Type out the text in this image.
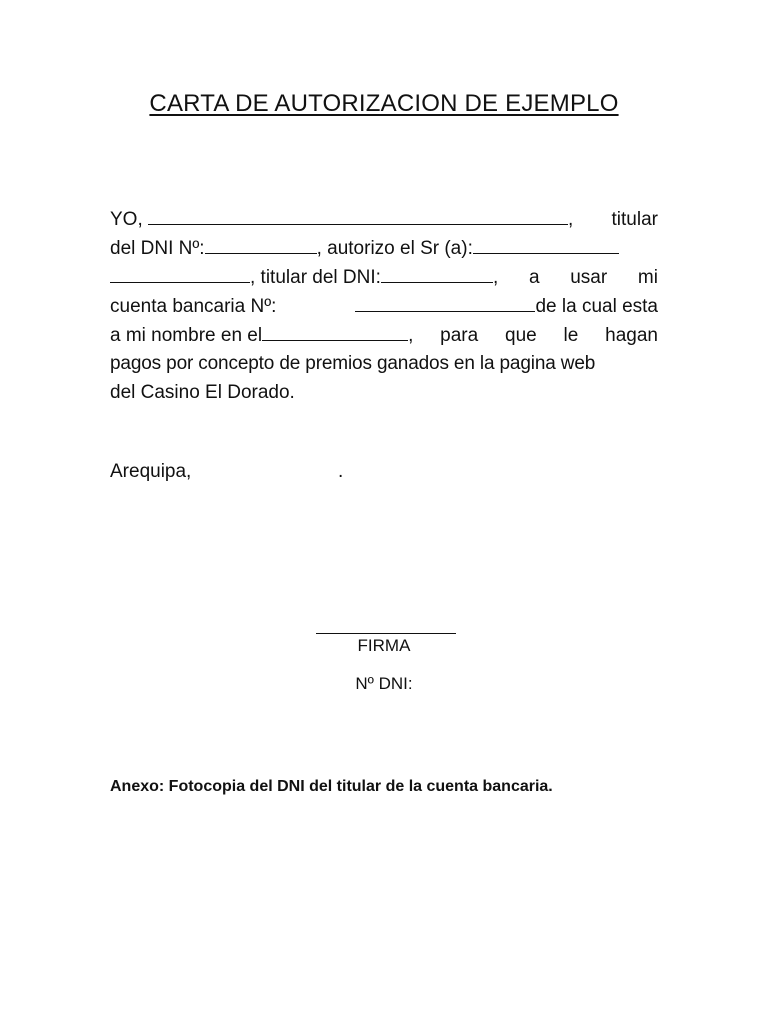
CARTA DE AUTORIZACION DE EJEMPLO
YO,	, titular
del DNI Nº:	, autorizo el Sr (a):
, titular del DNI:	, a usar mi
cuenta bancaria Nº:	de la cual esta
a mi nombre en el	, para que le hagan
pagos por concepto de premios ganados en la pagina web
del Casino El Dorado.
Arequipa,	.
FIRMA
Nº DNI:
Anexo: Fotocopia del DNI del titular de la cuenta bancaria.
